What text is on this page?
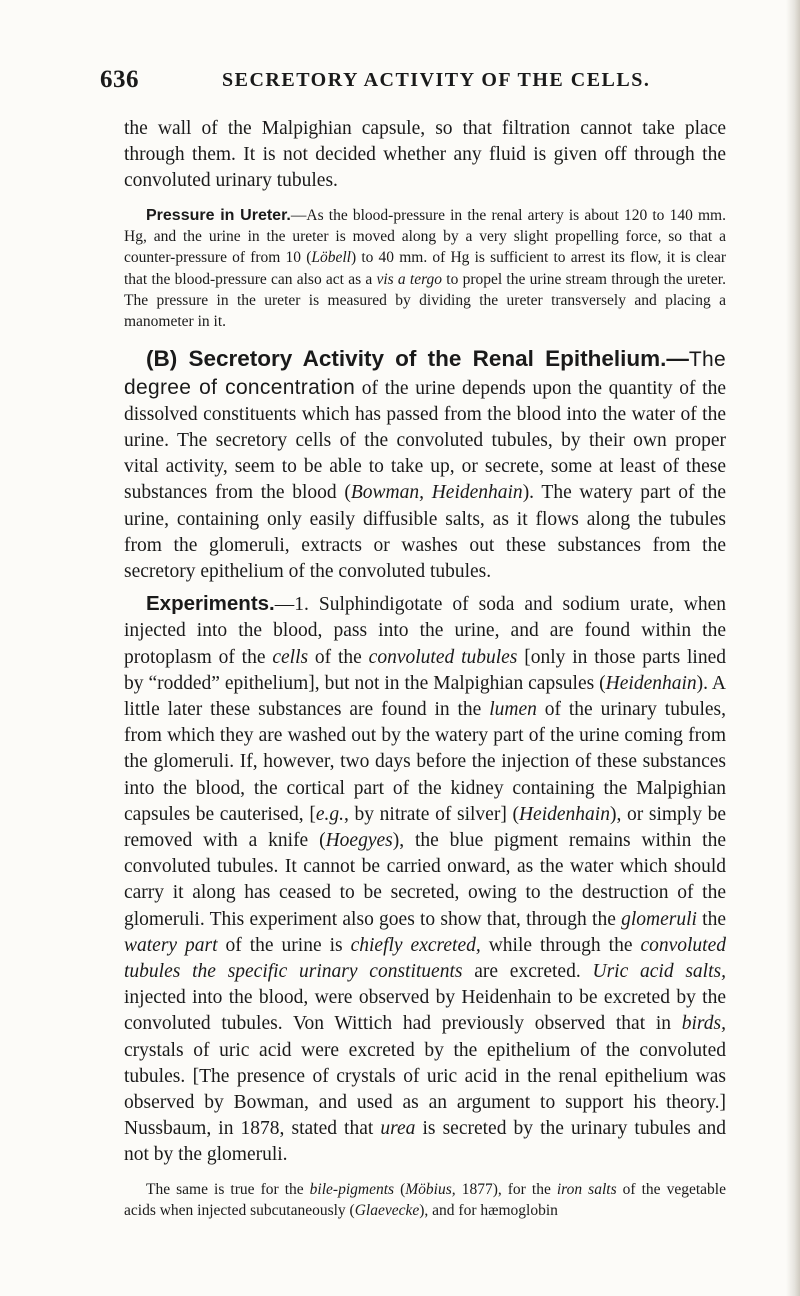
636	SECRETORY ACTIVITY OF THE CELLS.

the wall of the Malpighian capsule, so that filtration cannot take place through them. It is not decided whether any fluid is given off through the convoluted urinary tubules.

Pressure in Ureter.—As the blood-pressure in the renal artery is about 120 to 140 mm. Hg, and the urine in the ureter is moved along by a very slight propelling force, so that a counter-pressure of from 10 (Löbell) to 40 mm. of Hg is sufficient to arrest its flow, it is clear that the blood-pressure can also act as a vis a tergo to propel the urine stream through the ureter. The pressure in the ureter is measured by dividing the ureter transversely and placing a manometer in it.

(B) Secretory Activity of the Renal Epithelium.—The degree of concentration of the urine depends upon the quantity of the dissolved constituents which has passed from the blood into the water of the urine. The secretory cells of the convoluted tubules, by their own proper vital activity, seem to be able to take up, or secrete, some at least of these substances from the blood (Bowman, Heidenhain). The watery part of the urine, containing only easily diffusible salts, as it flows along the tubules from the glomeruli, extracts or washes out these substances from the secretory epithelium of the convoluted tubules.

Experiments.—1. Sulphindigotate of soda and sodium urate, when injected into the blood, pass into the urine, and are found within the protoplasm of the cells of the convoluted tubules [only in those parts lined by “rodded” epithelium], but not in the Malpighian capsules (Heidenhain). A little later these substances are found in the lumen of the urinary tubules, from which they are washed out by the watery part of the urine coming from the glomeruli. If, however, two days before the injection of these substances into the blood, the cortical part of the kidney containing the Malpighian capsules be cauterised, [e.g., by nitrate of silver] (Heidenhain), or simply be removed with a knife (Hoegyes), the blue pigment remains within the convoluted tubules. It cannot be carried onward, as the water which should carry it along has ceased to be secreted, owing to the destruction of the glomeruli. This experiment also goes to show that, through the glomeruli the watery part of the urine is chiefly excreted, while through the convoluted tubules the specific urinary constituents are excreted. Uric acid salts, injected into the blood, were observed by Heidenhain to be excreted by the convoluted tubules. Von Wittich had previously observed that in birds, crystals of uric acid were excreted by the epithelium of the convoluted tubules. [The presence of crystals of uric acid in the renal epithelium was observed by Bowman, and used as an argument to support his theory.] Nussbaum, in 1878, stated that urea is secreted by the urinary tubules and not by the glomeruli.

The same is true for the bile-pigments (Möbius, 1877), for the iron salts of the vegetable acids when injected subcutaneously (Glaevecke), and for hæmoglobin
